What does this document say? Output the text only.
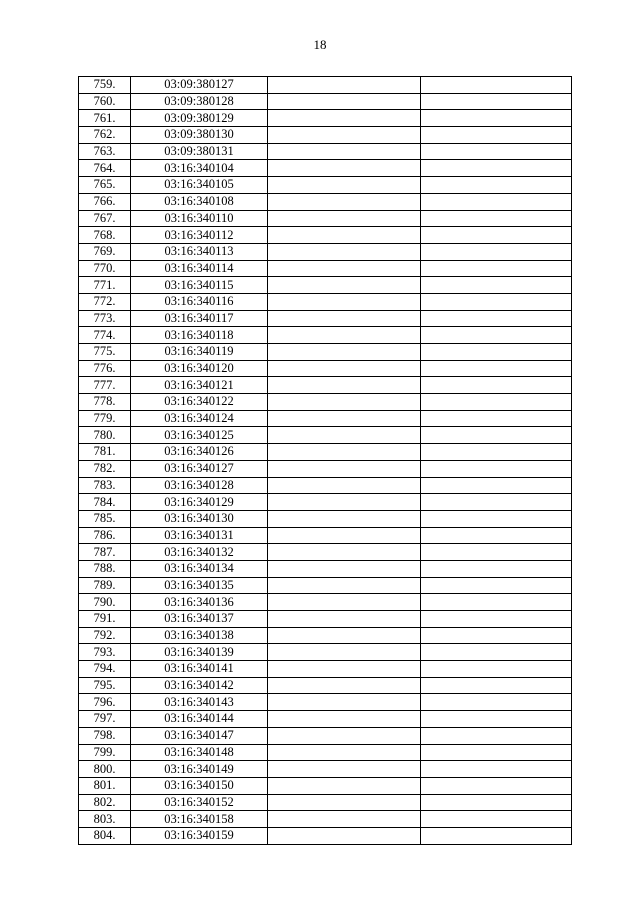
18
759.	03:09:380127		
760.	03:09:380128		
761.	03:09:380129		
762.	03:09:380130		
763.	03:09:380131		
764.	03:16:340104		
765.	03:16:340105		
766.	03:16:340108		
767.	03:16:340110		
768.	03:16:340112		
769.	03:16:340113		
770.	03:16:340114		
771.	03:16:340115		
772.	03:16:340116		
773.	03:16:340117		
774.	03:16:340118		
775.	03:16:340119		
776.	03:16:340120		
777.	03:16:340121		
778.	03:16:340122		
779.	03:16:340124		
780.	03:16:340125		
781.	03:16:340126		
782.	03:16:340127		
783.	03:16:340128		
784.	03:16:340129		
785.	03:16:340130		
786.	03:16:340131		
787.	03:16:340132		
788.	03:16:340134		
789.	03:16:340135		
790.	03:16:340136		
791.	03:16:340137		
792.	03:16:340138		
793.	03:16:340139		
794.	03:16:340141		
795.	03:16:340142		
796.	03:16:340143		
797.	03:16:340144		
798.	03:16:340147		
799.	03:16:340148		
800.	03:16:340149		
801.	03:16:340150		
802.	03:16:340152		
803.	03:16:340158		
804.	03:16:340159		
